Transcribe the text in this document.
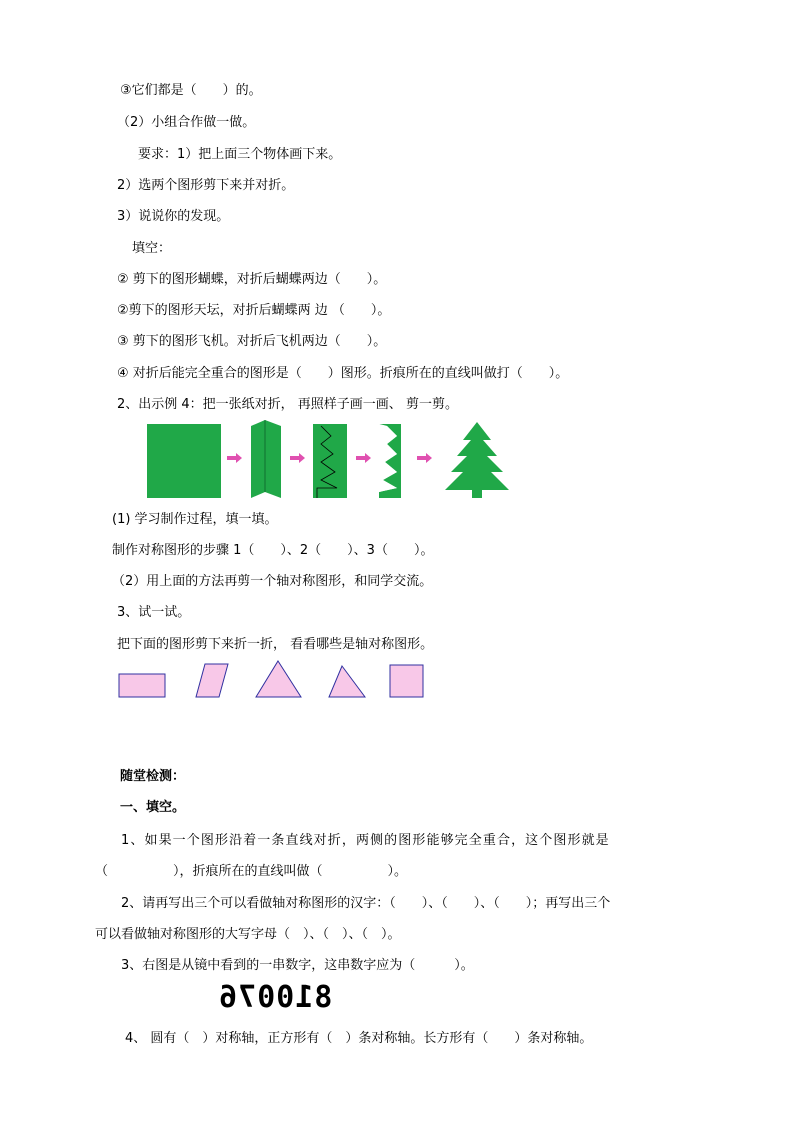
③它们都是（　　）的。
（2）小组合作做一做。
要求：1）把上面三个物体画下来。
2）选两个图形剪下来并对折。
3）说说你的发现。
填空：
② 剪下的图形蝴蝶，对折后蝴蝶两边（　　）。
②剪下的图形天坛，对折后蝴蝶两 边 （　　）。
③ 剪下的图形飞机。对折后飞机两边（　　）。
④ 对折后能完全重合的图形是（　　）图形。折痕所在的直线叫做打（　　）。
2、出示例 4：把一张纸对折， 再照样子画一画、 剪一剪。
(1) 学习制作过程，填一填。
制作对称图形的步骤 1（　　）、2（　　）、3（　　）。
（2）用上面的方法再剪一个轴对称图形，和同学交流。
3、试一试。
把下面的图形剪下来折一折， 看看哪些是轴对称图形。
随堂检测：
一、填空。
1、如果一个图形沿着一条直线对折，两侧的图形能够完全重合，这个图形就是
（　　　　　），折痕所在的直线叫做（　　　　　）。
2、请再写出三个可以看做轴对称图形的汉字：（　　）、（　　）、（　　）；再写出三个
可以看做轴对称图形的大写字母（　）、（　）、（　）。
3、右图是从镜中看到的一串数字，这串数字应为（　　　）。
810076
4、 圆有（　）对称轴，正方形有（　）条对称轴。长方形有（　　）条对称轴。
